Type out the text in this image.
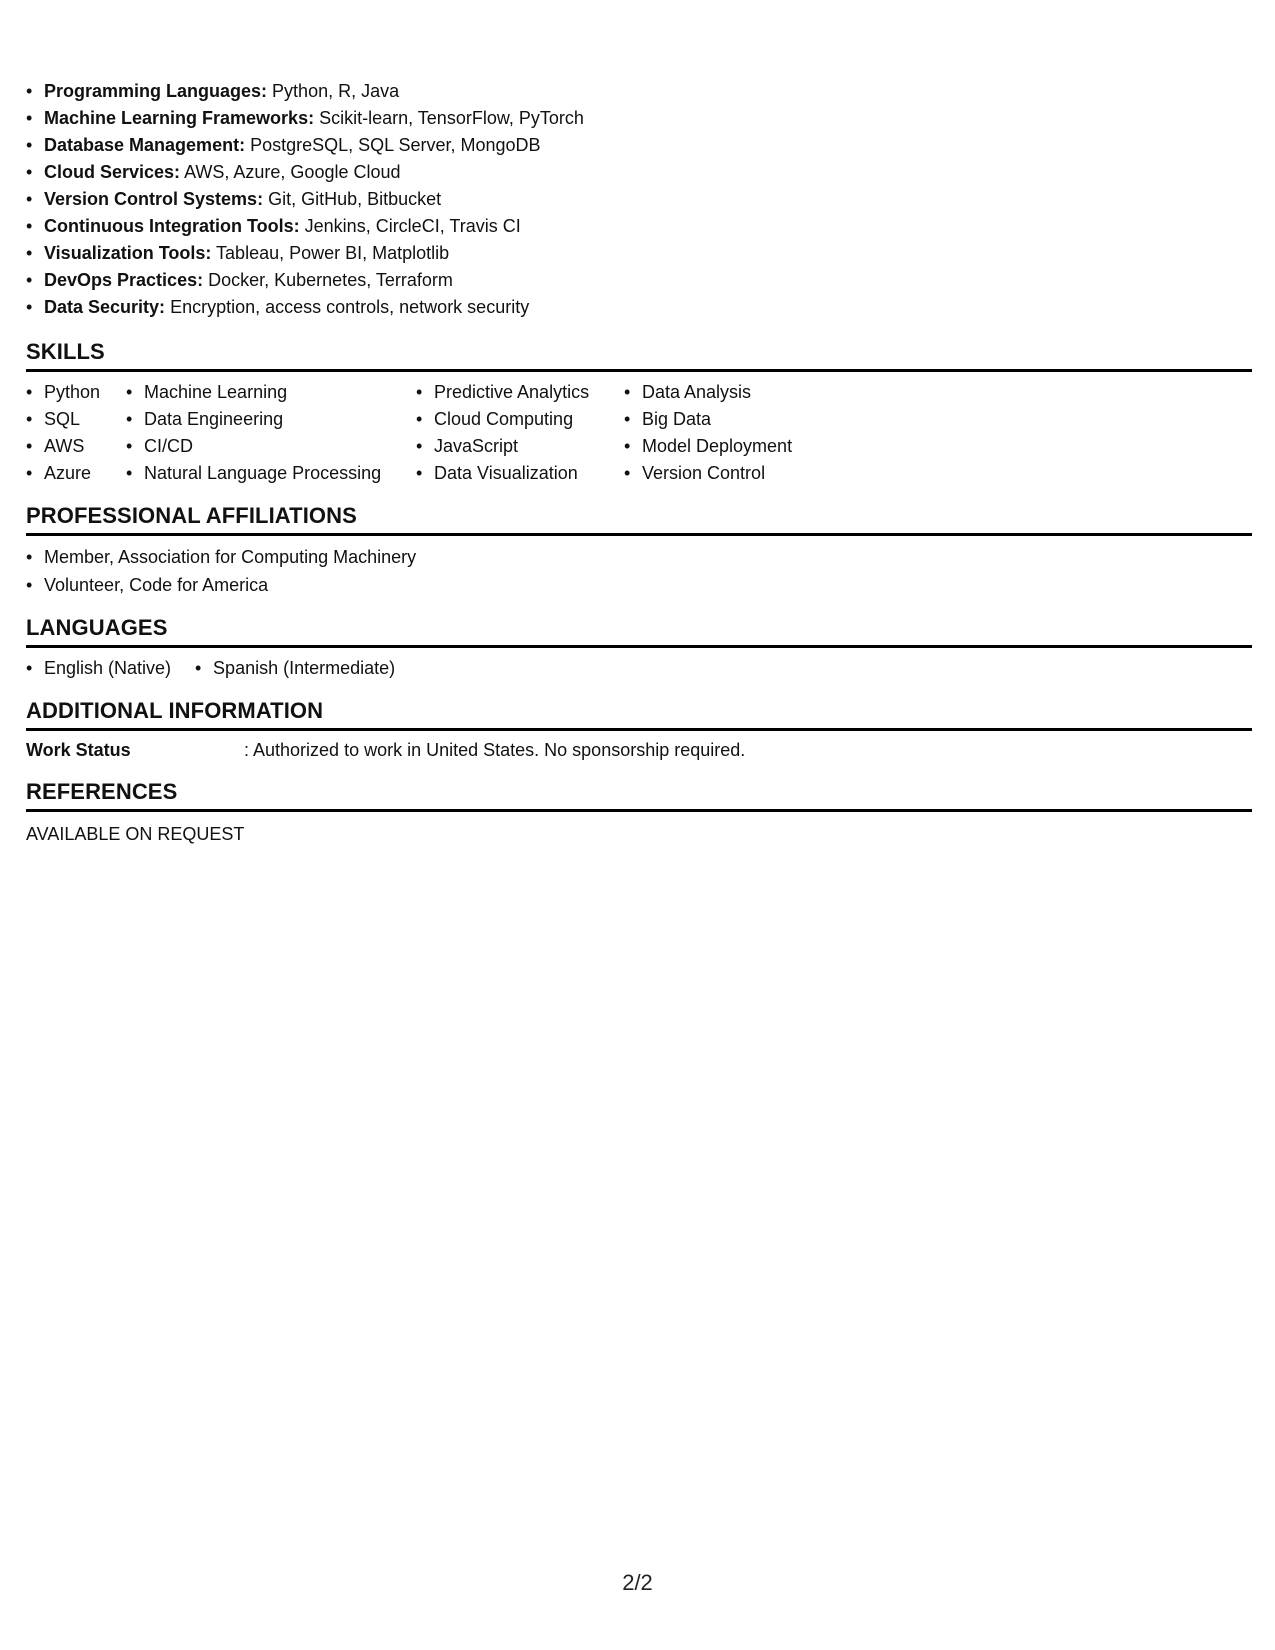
• Programming Languages: Python, R, Java
• Machine Learning Frameworks: Scikit-learn, TensorFlow, PyTorch
• Database Management: PostgreSQL, SQL Server, MongoDB
• Cloud Services: AWS, Azure, Google Cloud
• Version Control Systems: Git, GitHub, Bitbucket
• Continuous Integration Tools: Jenkins, CircleCI, Travis CI
• Visualization Tools: Tableau, Power BI, Matplotlib
• DevOps Practices: Docker, Kubernetes, Terraform
• Data Security: Encryption, access controls, network security
SKILLS
• Python
• SQL
• AWS
• Azure
• Machine Learning
• Data Engineering
• CI/CD
• Natural Language Processing
• Predictive Analytics
• Cloud Computing
• JavaScript
• Data Visualization
• Data Analysis
• Big Data
• Model Deployment
• Version Control
PROFESSIONAL AFFILIATIONS
• Member, Association for Computing Machinery
• Volunteer, Code for America
LANGUAGES
• English (Native)
•	Spanish (Intermediate)
ADDITIONAL INFORMATION
Work Status	: Authorized to work in United States. No sponsorship required.
REFERENCES
AVAILABLE ON REQUEST
2/2
